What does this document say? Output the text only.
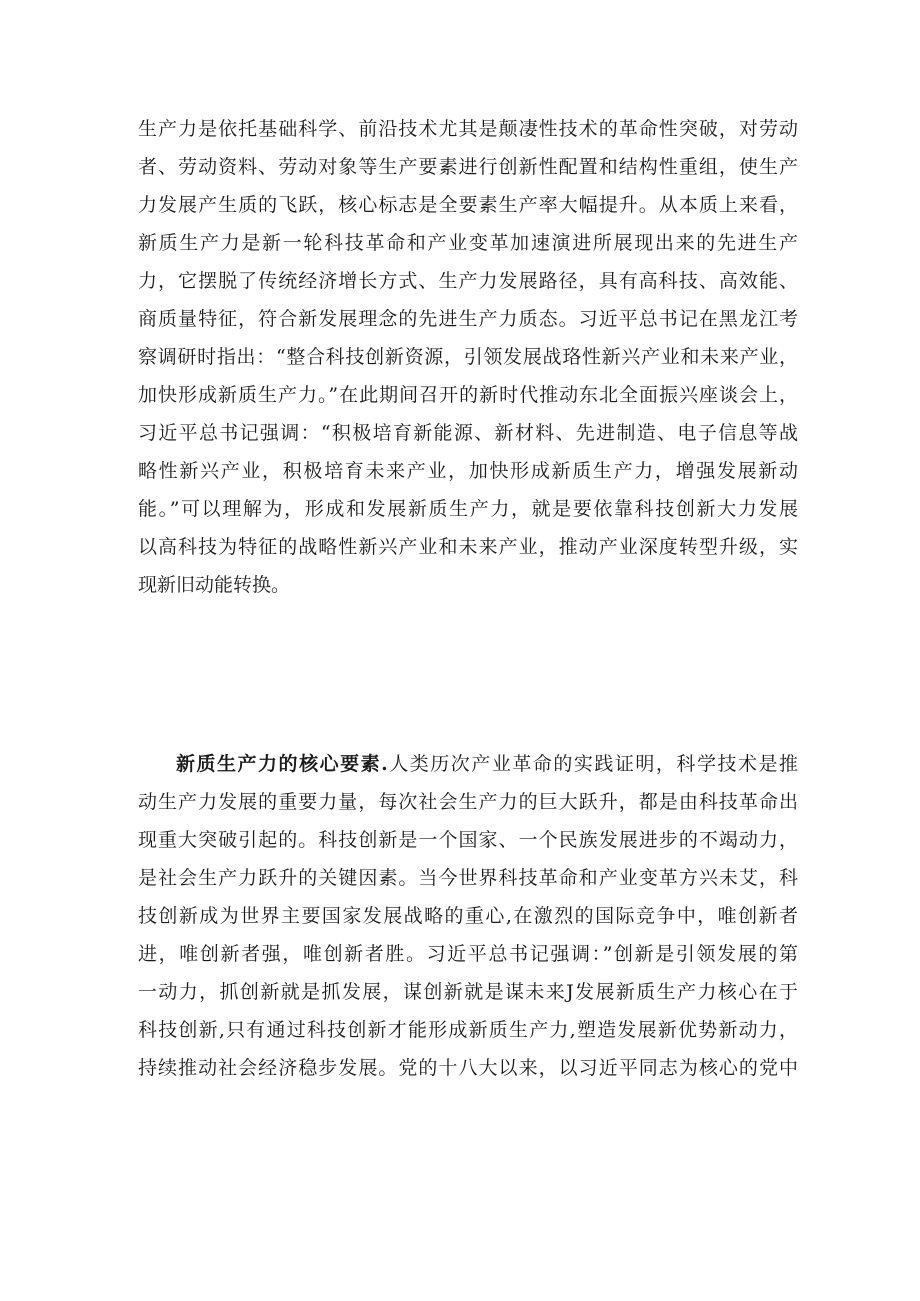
生产力是依托基础科学、前沿技术尤其是颠凄性技术的革命性突破，对劳动
者、劳动资料、劳动对象等生产要素进行创新性配置和结构性重组，使生产
力发展产生质的飞跃，核心标志是全要素生产率大幅提升。从本质上来看，
新质生产力是新一轮科技革命和产业变革加速演进所展现出来的先进生产
力，它摆脱了传统经济增长方式、生产力发展路径，具有高科技、高效能、
商质量特征，符合新发展理念的先进生产力质态。习近平总书记在黑龙江考
察调研时指出：“整合科技创新资源，引领发展战珞性新兴产业和未来产业，
加快形成新质生产力。”在此期间召开的新时代推动东北全面振兴座谈会上，
习近平总书记强调：“积极培育新能源、新材料、先进制造、电子信息等战
略性新兴产业，积极培育未来产业，加快形成新质生产力，增强发展新动
能。”可以理解为，形成和发展新质生产力，就是要依靠科技创新大力发展
以高科技为特征的战略性新兴产业和未来产业，推动产业深度转型升级，实
现新旧动能转换。
新质生产力的核心要素.人类历次产业革命的实践证明，科学技术是推
动生产力发展的重要力量，每次社会生产力的巨大跃升，都是由科技革命出
现重大突破引起的。科技创新是一个国家、一个民族发展进步的不竭动力，
是社会生产力跃升的关键因素。当今世界科技革命和产业变革方兴未艾，科
技创新成为世界主要国家发展战略的重心,在激烈的国际竞争中，唯创新者
进，唯创新者强，唯创新者胜。习近平总书记强调：”创新是引领发展的第
一动力，抓创新就是抓发展，谋创新就是谋未来J发展新质生产力核心在于
科技创新,只有通过科技创新才能形成新质生产力,塑造发展新优势新动力，
持续推动社会经济稳步发展。党的十八大以来，以习近平同志为核心的党中
